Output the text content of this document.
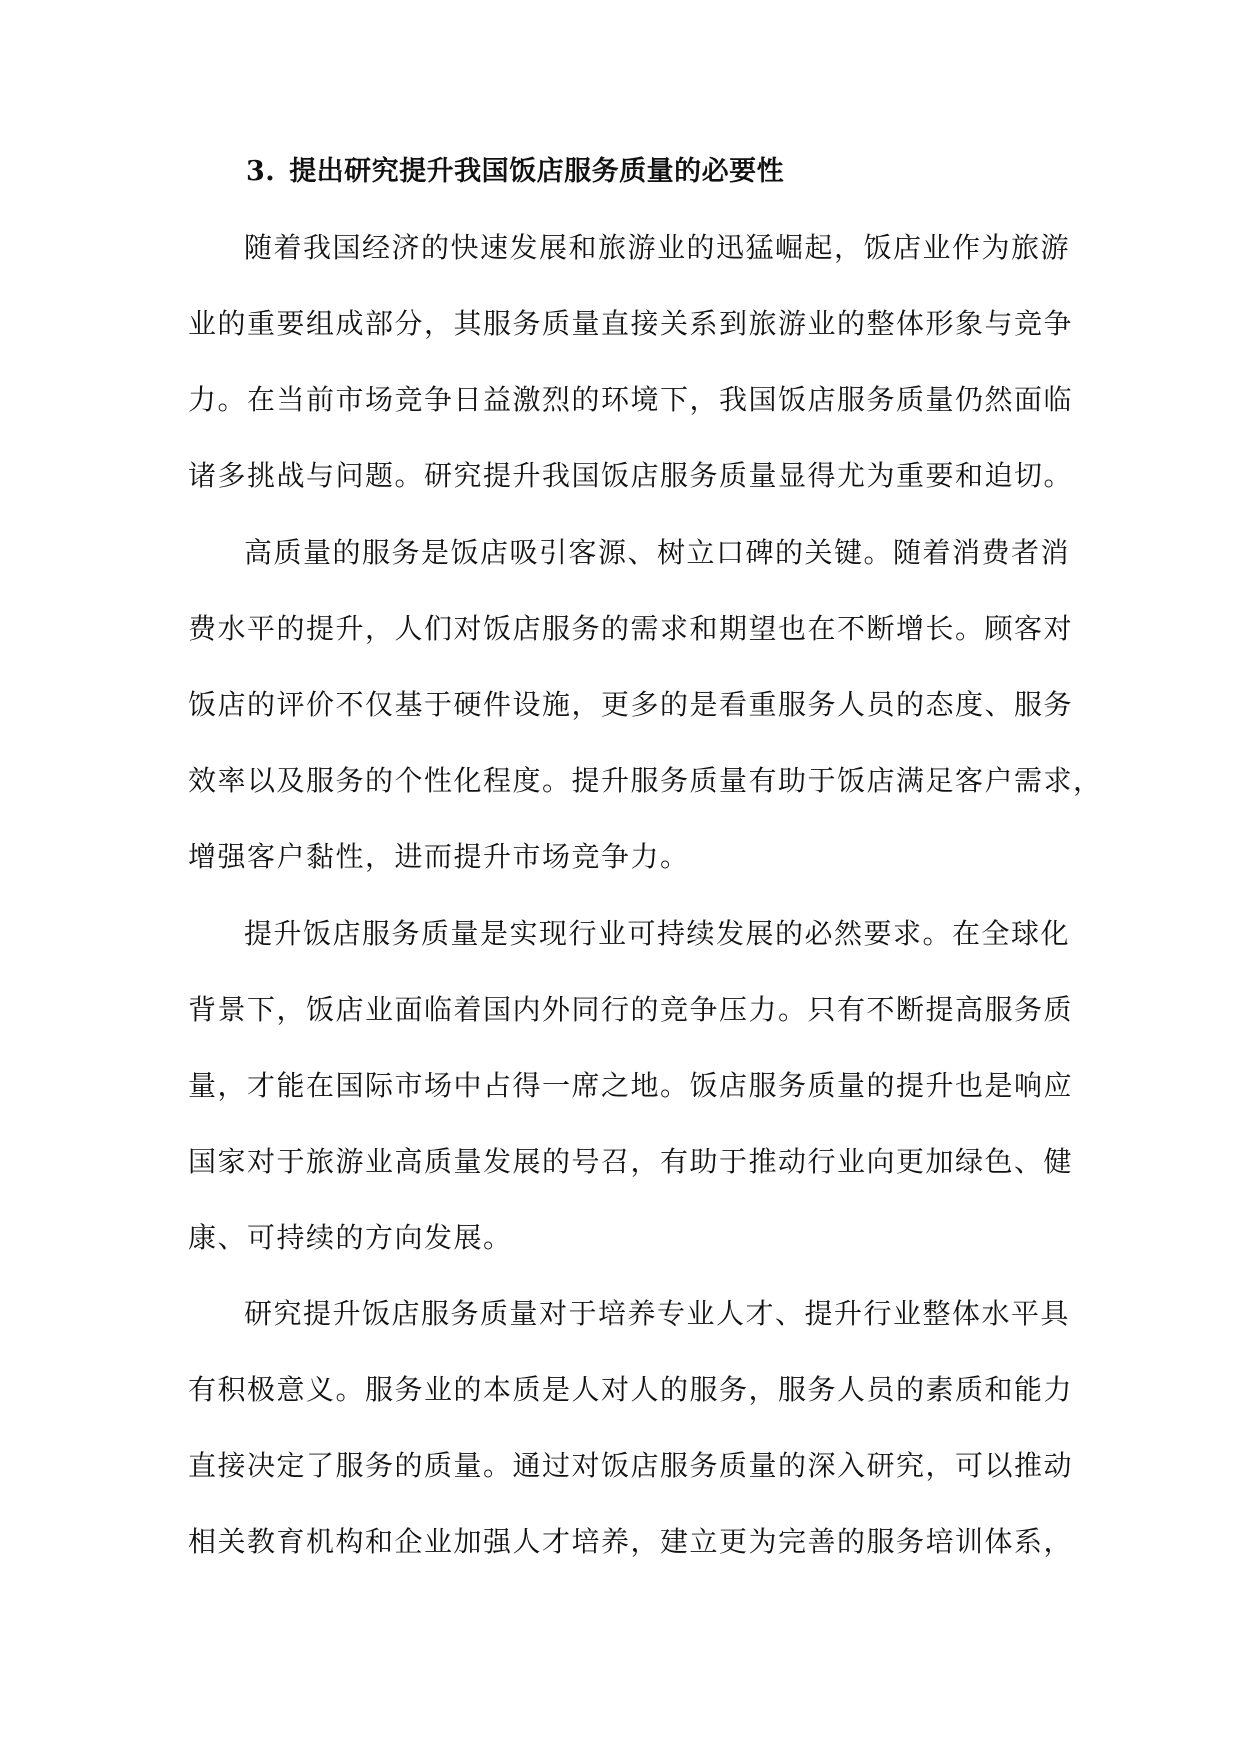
3. 提出研究提升我国饭店服务质量的必要性
随着我国经济的快速发展和旅游业的迅猛崛起，饭店业作为旅游
业的重要组成部分，其服务质量直接关系到旅游业的整体形象与竞争
力。在当前市场竞争日益激烈的环境下，我国饭店服务质量仍然面临
诸多挑战与问题。研究提升我国饭店服务质量显得尤为重要和迫切。
高质量的服务是饭店吸引客源、树立口碑的关键。随着消费者消
费水平的提升，人们对饭店服务的需求和期望也在不断增长。顾客对
饭店的评价不仅基于硬件设施，更多的是看重服务人员的态度、服务
效率以及服务的个性化程度。提升服务质量有助于饭店满足客户需求，
增强客户黏性，进而提升市场竞争力。
提升饭店服务质量是实现行业可持续发展的必然要求。在全球化
背景下，饭店业面临着国内外同行的竞争压力。只有不断提高服务质
量，才能在国际市场中占得一席之地。饭店服务质量的提升也是响应
国家对于旅游业高质量发展的号召，有助于推动行业向更加绿色、健
康、可持续的方向发展。
研究提升饭店服务质量对于培养专业人才、提升行业整体水平具
有积极意义。服务业的本质是人对人的服务，服务人员的素质和能力
直接决定了服务的质量。通过对饭店服务质量的深入研究，可以推动
相关教育机构和企业加强人才培养，建立更为完善的服务培训体系，
